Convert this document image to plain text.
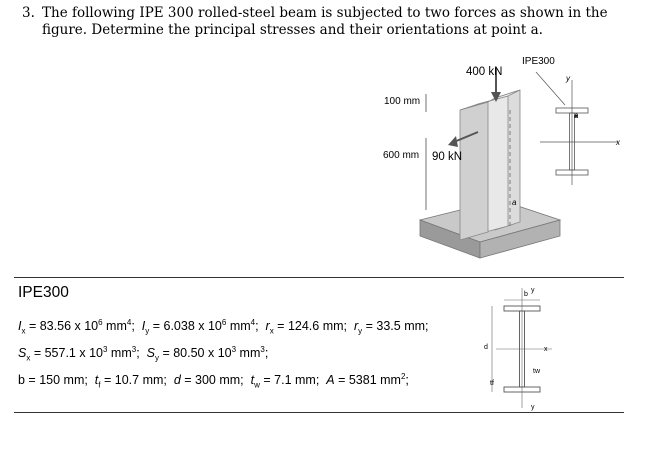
3. The following IPE 300 rolled-steel beam is subjected to two forces as shown in the figure. Determine the principal stresses and their orientations at point a.
400 kN
90 kN
100 mm
600 mm
IPE300
y
x
a
a
IPE300
$I_x = 83.56$ x $10^6$ $mm^4$;  $I_y = 6.038$ x $10^6$ $mm^4$;  $r_x = 124.6$ mm; $r_y = 33.5$ mm;
$S_x = 557.1$ x $10^3$ $mm^3$;  $S_y = 80.50$ x $10^3$ $mm^3$;
b = 150 mm; $t_f = 10.7$ mm; d = 300 mm; $t_w = 7.1$ mm; A = 5381 $mm^2$;
b
d	x
y
y
tw
tf
